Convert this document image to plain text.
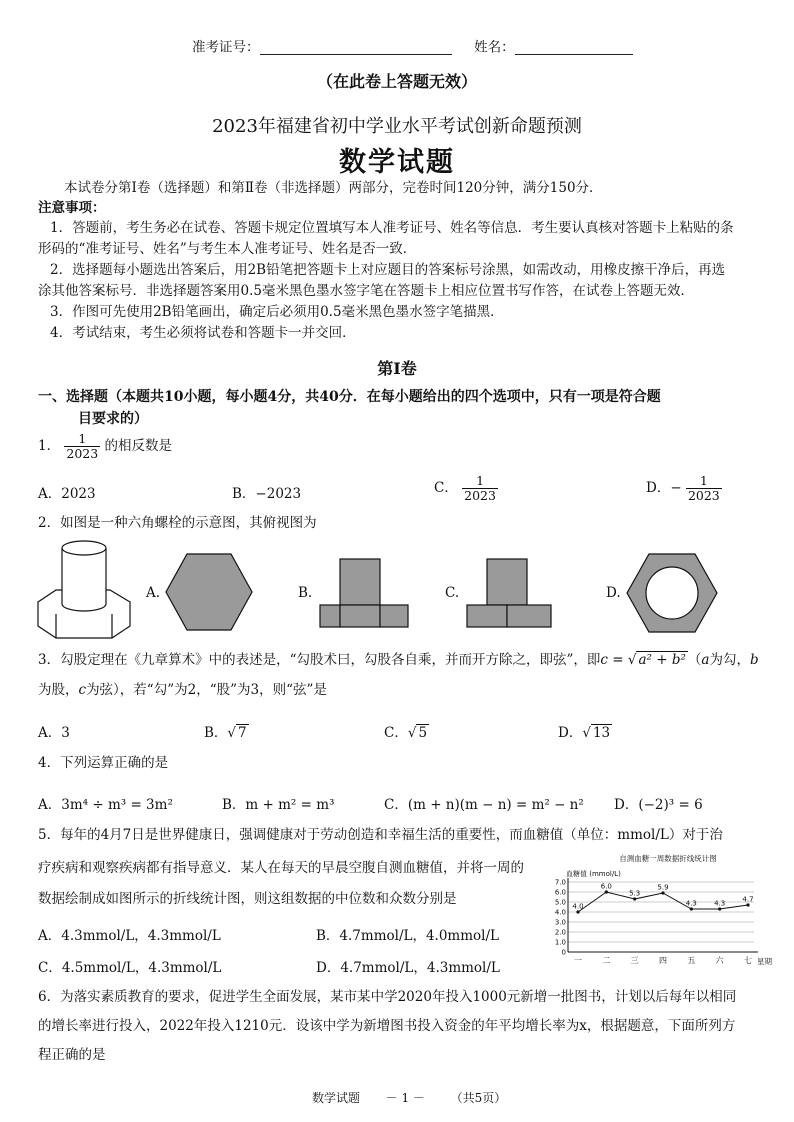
准考证号：	姓名：
（在此卷上答题无效）
2023年福建省初中学业水平考试创新命题预测
数学试题
本试卷分第Ⅰ卷（选择题）和第Ⅱ卷（非选择题）两部分，完卷时间120分钟，满分150分．
注意事项：
1．答题前，考生务必在试卷、答题卡规定位置填写本人准考证号、姓名等信息．考生要认真核对答题卡上粘贴的条
形码的“准考证号、姓名”与考生本人准考证号、姓名是否一致．
2．选择题每小题选出答案后，用2B铅笔把答题卡上对应题目的答案标号涂黑，如需改动，用橡皮擦干净后，再选
涂其他答案标号．非选择题答案用0.5毫米黑色墨水签字笔在答题卡上相应位置书写作答，在试卷上答题无效．
3．作图可先使用2B铅笔画出，确定后必须用0.5毫米黑色墨水签字笔描黑．
4．考试结束，考生必须将试卷和答题卡一并交回．
第Ⅰ卷
一、选择题（本题共10小题，每小题4分，共40分．在每小题给出的四个选项中，只有一项是符合题
目要求的）
1． $\frac{1}{2023}$ 的相反数是
A．2023	B．−2023	C． $\frac{1}{2023}$	D．− $\frac{1}{2023}$
2．如图是一种六角螺栓的示意图，其俯视图为
A.	B.	C.	D.
3．勾股定理在《九章算术》中的表述是，“勾股术曰，勾股各自乘，并而开方除之，即弦”，即c = √ a² + b² （a为勾，b
为股，c为弦），若“勾”为2，“股”为3，则“弦”是
A．3	B．√ 7	C．√ 5	D．√ 13
4．下列运算正确的是
A．3m⁴ ÷ m³ = 3m²	B．m + m² = m³	C．(m + n)(m − n) = m² − n² D．(−2)³ = 6
5．每年的4月7日是世界健康日，强调健康对于劳动创造和幸福生活的重要性，而血糖值（单位：mmol/L）对于治
疗疾病和观察疾病都有指导意义．某人在每天的早晨空腹自测血糖值，并将一周的
数据绘制成如图所示的折线统计图，则这组数据的中位数和众数分别是
A．4.3mmol/L，4.3mmol/L	B．4.7mmol/L，4.0mmol/L
C．4.5mmol/L，4.3mmol/L	D．4.7mmol/L，4.3mmol/L
自测血糖一周数据折线统计图
血糖值 (mmol/L)
星期
0
1.0
2.0
3.0
4.0
5.0
6.0
7.0
一	二	三	四	五	六	七
4.0
6.0
5.3
5.9
4.3 4.3 4.7
6．为落实素质教育的要求，促进学生全面发展，某市某中学2020年投入1000元新增一批图书，计划以后每年以相同
的增长率进行投入，2022年投入1210元．设该中学为新增图书投入资金的年平均增长率为x，根据题意，下面所列方
程正确的是
数学试题 － 1 － （共5页）
